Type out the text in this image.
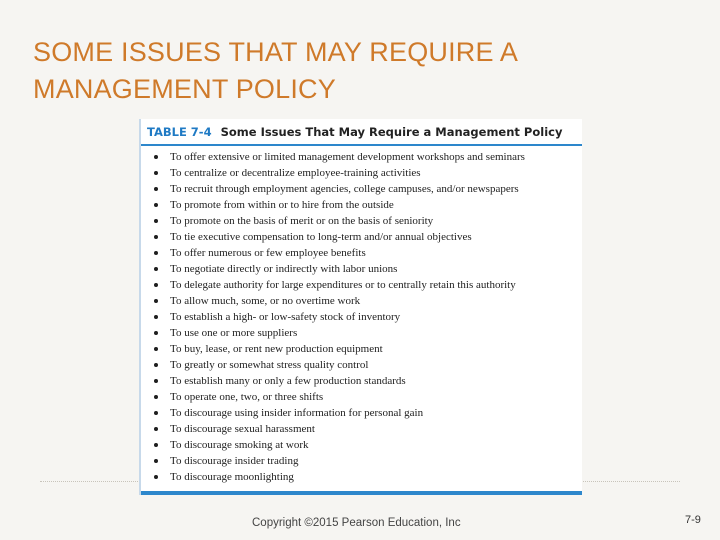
SOME ISSUES THAT MAY REQUIRE A
MANAGEMENT POLICY
TABLE 7-4 Some Issues That May Require a Management Policy
To offer extensive or limited management development workshops and seminars
To centralize or decentralize employee-training activities
To recruit through employment agencies, college campuses, and/or newspapers
To promote from within or to hire from the outside
To promote on the basis of merit or on the basis of seniority
To tie executive compensation to long-term and/or annual objectives
To offer numerous or few employee benefits
To negotiate directly or indirectly with labor unions
To delegate authority for large expenditures or to centrally retain this authority
To allow much, some, or no overtime work
To establish a high- or low-safety stock of inventory
To use one or more suppliers
To buy, lease, or rent new production equipment
To greatly or somewhat stress quality control
To establish many or only a few production standards
To operate one, two, or three shifts
To discourage using insider information for personal gain
To discourage sexual harassment
To discourage smoking at work
To discourage insider trading
To discourage moonlighting
Copyright ©2015 Pearson Education, Inc	7-9
